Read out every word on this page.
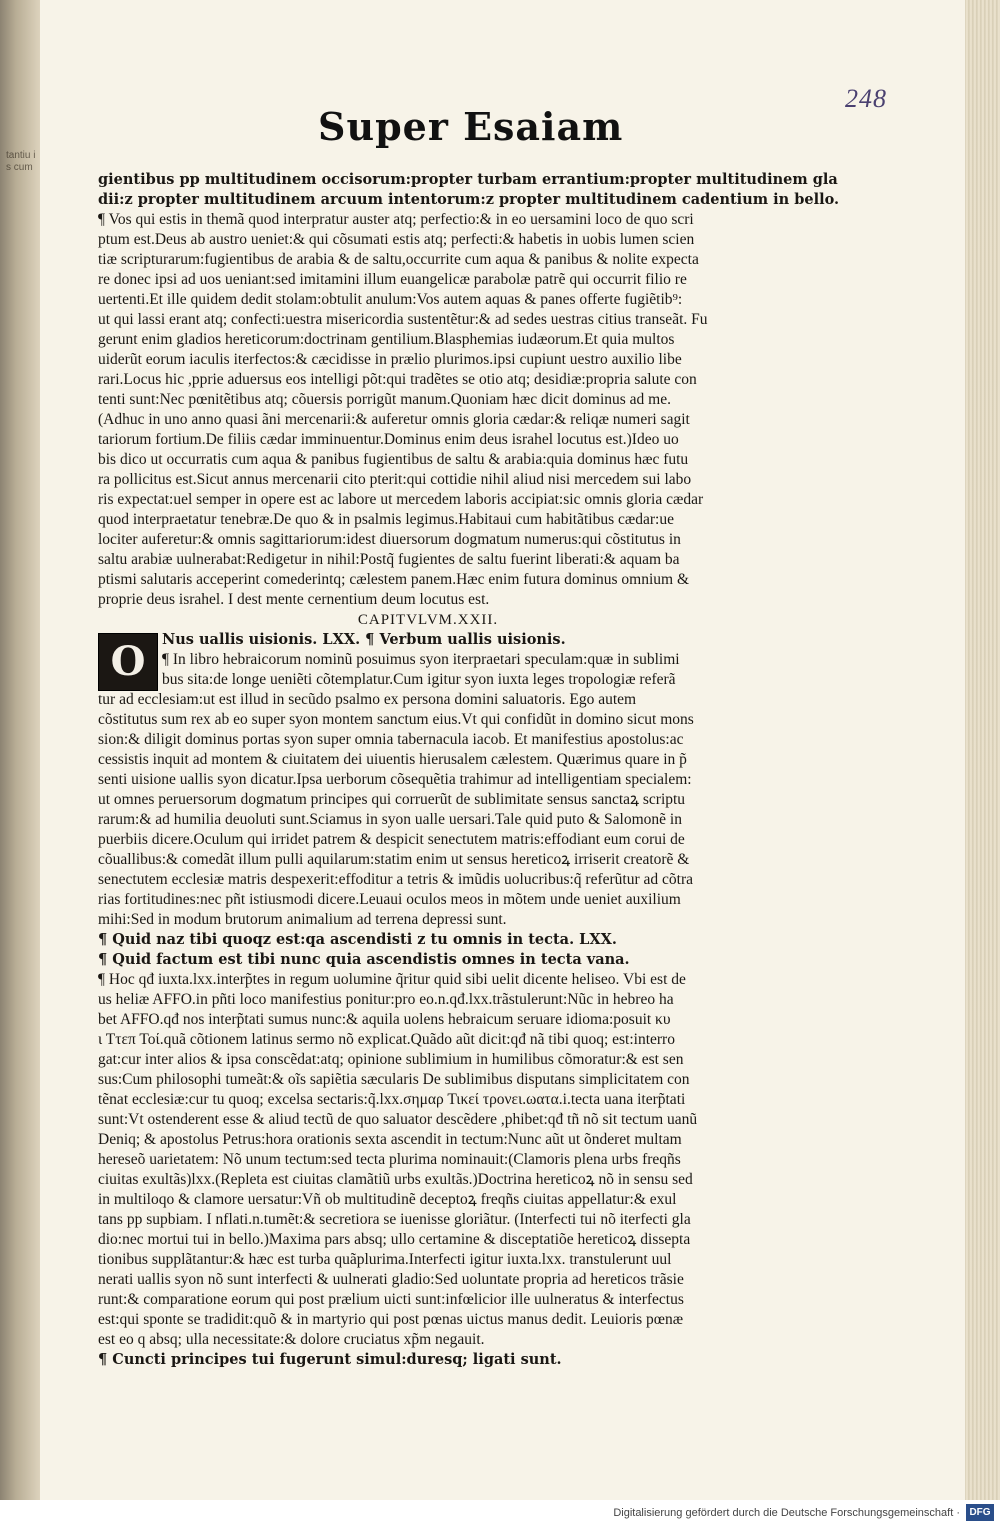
tantiu is cum
248
Super Esaiam
gientibus pp multitudinem occisorum:propter turbam errantium:propter multitudinem gla
dii:z propter multitudinem arcuum intentorum:z propter multitudinem cadentium in bello.
¶ Vos qui estis in themã quod interpratur auster atq; perfectio:& in eo uersamini loco de quo scri
ptum est.Deus ab austro ueniet:& qui cõsumati estis atq; perfecti:& habetis in uobis lumen scien
tiæ scripturarum:fugientibus de arabia & de saltu,occurrite cum aqua & panibus & nolite expecta
re donec ipsi ad uos ueniant:sed imitamini illum euangelicæ parabolæ patrẽ qui occurrit filio re
uertenti.Et ille quidem dedit stolam:obtulit anulum:Vos autem aquas & panes offerte fugiẽtib⁹:
ut qui lassi erant atq; confecti:uestra misericordia sustentẽtur:& ad sedes uestras citius transeãt. Fu
gerunt enim gladios hereticorum:doctrinam gentilium.Blasphemias iudæorum.Et quia multos
uiderũt eorum iaculis iterfectos:& cæcidisse in prælio plurimos.ipsi cupiunt uestro auxilio libe
rari.Locus hic ,pprie aduersus eos intelligi põt:qui tradẽtes se otio atq; desidiæ:propria salute con
tenti sunt:Nec pœnitẽtibus atq; cõuersis porrigũt manum.Quoniam hæc dicit dominus ad me.
(Adhuc in uno anno quasi ãni mercenarii:& auferetur omnis gloria cædar:& reliqæ numeri sagit
tariorum fortium.De filiis cædar imminuentur.Dominus enim deus israhel locutus est.)Ideo uo
bis dico ut occurratis cum aqua & panibus fugientibus de saltu & arabia:quia dominus hæc futu
ra pollicitus est.Sicut annus mercenarii cito pterit:qui cottidie nihil aliud nisi mercedem sui labo
ris expectat:uel semper in opere est ac labore ut mercedem laboris accipiat:sic omnis gloria cædar
quod interpraetatur tenebræ.De quo & in psalmis legimus.Habitaui cum habitãtibus cædar:ue
lociter auferetur:& omnis sagittariorum:idest diuersorum dogmatum numerus:qui cõstitutus in
saltu arabiæ uulnerabat:Redigetur in nihil:Postq̃ fugientes de saltu fuerint liberati:& aquam ba
ptismi salutaris acceperint comederintq; cælestem panem.Hæc enim futura dominus omnium &
proprie deus israhel. I dest mente cernentium deum locutus est.
CAPITVLVM.XXII.
O	Nus uallis uisionis. LXX. ¶ Verbum uallis uisionis.
¶ In libro hebraicorum nominũ posuimus syon iterpraetari speculam:quæ in sublimi
bus sita:de longe ueniẽti cõtemplatur.Cum igitur syon iuxta leges tropologiæ referã
tur ad ecclesiam:ut est illud in secũdo psalmo ex persona domini saluatoris. Ego autem
cõstitutus sum rex ab eo super syon montem sanctum eius.Vt qui confidũt in domino sicut mons
sion:& diligit dominus portas syon super omnia tabernacula iacob. Et manifestius apostolus:ac
cessistis inquit ad montem & ciuitatem dei uiuentis hierusalem cælestem. Quærimus quare in p̃
senti uisione uallis syon dicatur.Ipsa uerborum cõsequẽtia trahimur ad intelligentiam specialem:
ut omnes peruersorum dogmatum principes qui corruerũt de sublimitate sensus sanctaꝝ scriptu
rarum:& ad humilia deuoluti sunt.Sciamus in syon ualle uersari.Tale quid puto & Salomonẽ in
puerbiis dicere.Oculum qui irridet patrem & despicit senectutem matris:effodiant eum corui de
cõuallibus:& comedãt illum pulli aquilarum:statim enim ut sensus hereticoꝝ irriserit creatorẽ &
senectutem ecclesiæ matris despexerit:effoditur a tetris & imũdis uolucribus:q̃ referũtur ad cõtra
rias fortitudines:nec pñt istiusmodi dicere.Leuaui oculos meos in mõtem unde ueniet auxilium
mihi:Sed in modum brutorum animalium ad terrena depressi sunt.
¶ Quid naz tibi quoqz est:qa ascendisti z tu omnis in tecta. LXX.
¶ Quid factum est tibi nunc quia ascendistis omnes in tecta vana.
¶ Hoc qđ iuxta.lxx.interp̃tes in regum uolumine q̃ritur quid sibi uelit dicente heliseo. Vbi est de
us heliæ AFFO.in pñti loco manifestius ponitur:pro eo.n.qđ.lxx.trãstulerunt:Nũc in hebreo ha
bet AFFO.qđ nos interp̃tati sumus nunc:& aquila uolens hebraicum seruare idioma:posuit κυ
ι Ττεπ Τοί.quã cõtionem latinus sermo nõ explicat.Quãdo aũt dicit:qđ nã tibi quoq; est:interro
gat:cur inter alios & ipsa conscẽdat:atq; opinione sublimium in humilibus cõmoratur:& est sen
sus:Cum philosophi tumeãt:& oĩs sapiẽtia sæcularis De sublimibus disputans simplicitatem con
tẽnat ecclesiæ:cur tu quoq; excelsa sectaris:q̃.lxx.σημαρ Τικεί τρονει.ωατα.i.tecta uana iterp̃tati
sunt:Vt ostenderent esse & aliud tectũ de quo saluator descẽdere ,phibet:qđ tñ nõ sit tectum uanũ
Deniq; & apostolus Petrus:hora orationis sexta ascendit in tectum:Nunc aũt ut õnderet multam
hereseõ uarietatem: Nõ unum tectum:sed tecta plurima nominauit:(Clamoris plena urbs freqñs
ciuitas exultãs)lxx.(Repleta est ciuitas clamãtiũ urbs exultãs.)Doctrina hereticoꝝ nõ in sensu sed
in multiloqo & clamore uersatur:Vñ ob multitudinẽ deceptoꝝ freqñs ciuitas appellatur:& exul
tans pp supbiam. I nflati.n.tumẽt:& secretiora se iuenisse gloriãtur. (Interfecti tui nõ iterfecti gla
dio:nec mortui tui in bello.)Maxima pars absq; ullo certamine & disceptatiõe hereticoꝝ dissepta
tionibus supplãtantur:& hæc est turba quãplurima.Interfecti igitur iuxta.lxx. transtulerunt uul
nerati uallis syon nõ sunt interfecti & uulnerati gladio:Sed uoluntate propria ad hereticos trãsie
runt:& comparatione eorum qui post prælium uicti sunt:infœlicior ille uulneratus & interfectus
est:qui sponte se tradidit:quõ & in martyrio qui post pœnas uictus manus dedit. Leuioris pœnæ
est eo q absq; ulla necessitate:& dolore cruciatus xp̃m negauit.
¶ Cuncti principes tui fugerunt simul:duresq; ligati sunt.
Digitalisierung gefördert durch die Deutsche Forschungsgemeinschaft · DFG
